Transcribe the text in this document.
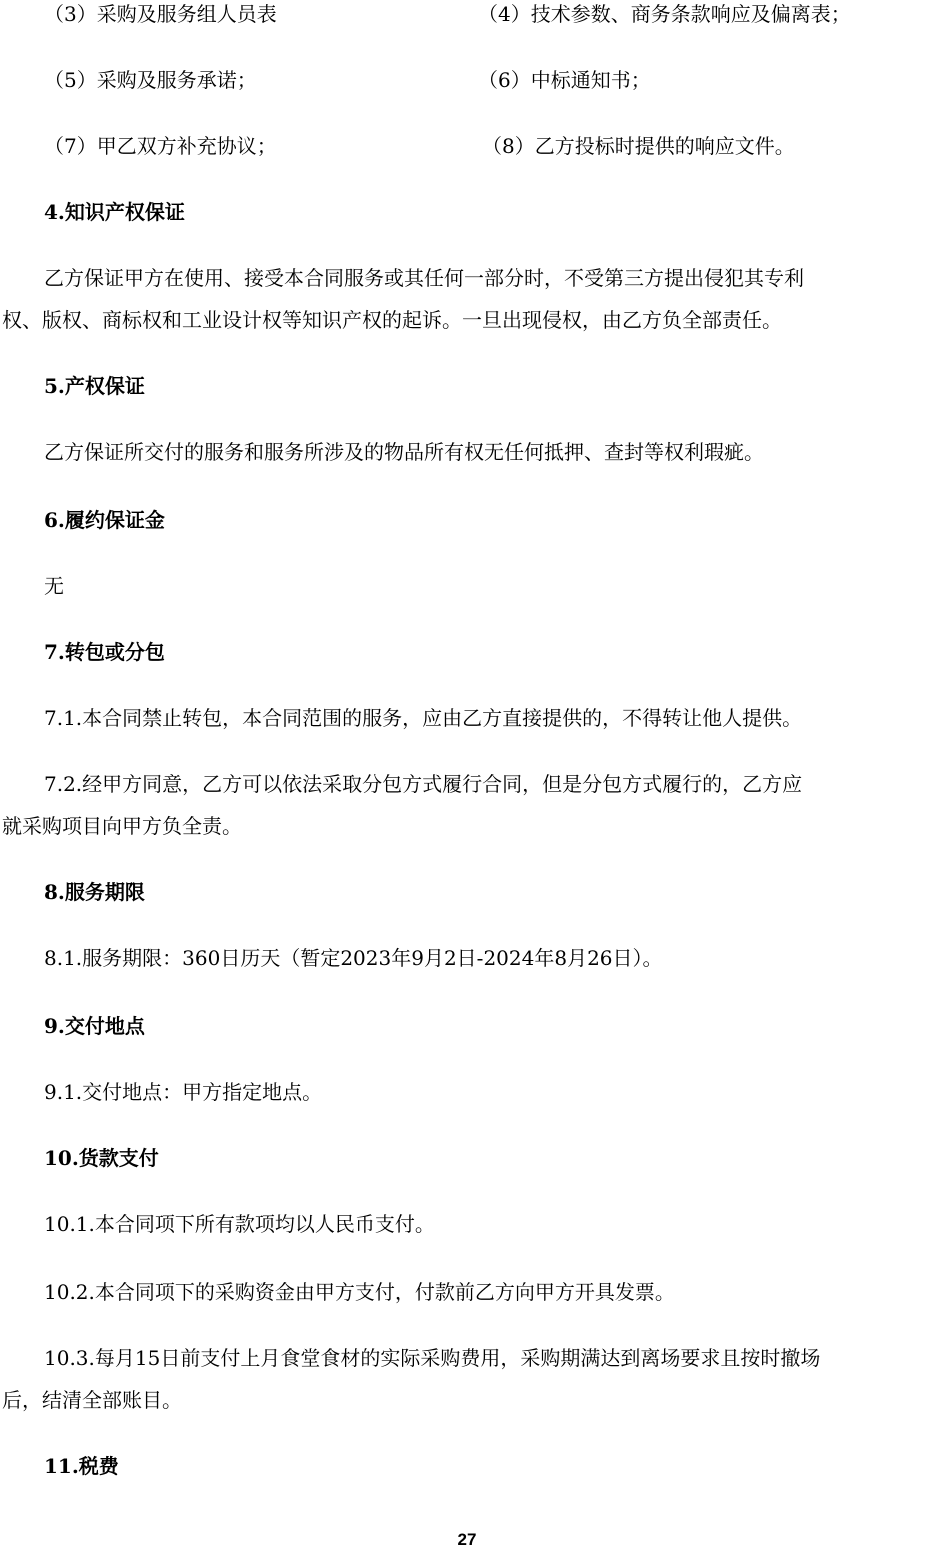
（3）采购及服务组人员表	（4）技术参数、商务条款响应及偏离表；
（5）采购及服务承诺；	（6）中标通知书；
（7）甲乙双方补充协议；	（8）乙方投标时提供的响应文件。
4.知识产权保证
乙方保证甲方在使用、接受本合同服务或其任何一部分时，不受第三方提出侵犯其专利
权、版权、商标权和工业设计权等知识产权的起诉。一旦出现侵权，由乙方负全部责任。
5.产权保证
乙方保证所交付的服务和服务所涉及的物品所有权无任何抵押、查封等权利瑕疵。
6.履约保证金
无
7.转包或分包
7.1.本合同禁止转包，本合同范围的服务，应由乙方直接提供的，不得转让他人提供。
7.2.经甲方同意，乙方可以依法采取分包方式履行合同，但是分包方式履行的，乙方应
就采购项目向甲方负全责。
8.服务期限
8.1.服务期限：360日历天（暂定2023年9月2日-2024年8月26日）。
9.交付地点
9.1.交付地点：甲方指定地点。
10.货款支付
10.1.本合同项下所有款项均以人民币支付。
10.2.本合同项下的采购资金由甲方支付，付款前乙方向甲方开具发票。
10.3.每月15日前支付上月食堂食材的实际采购费用，采购期满达到离场要求且按时撤场
后，结清全部账目。
11.税费
27
